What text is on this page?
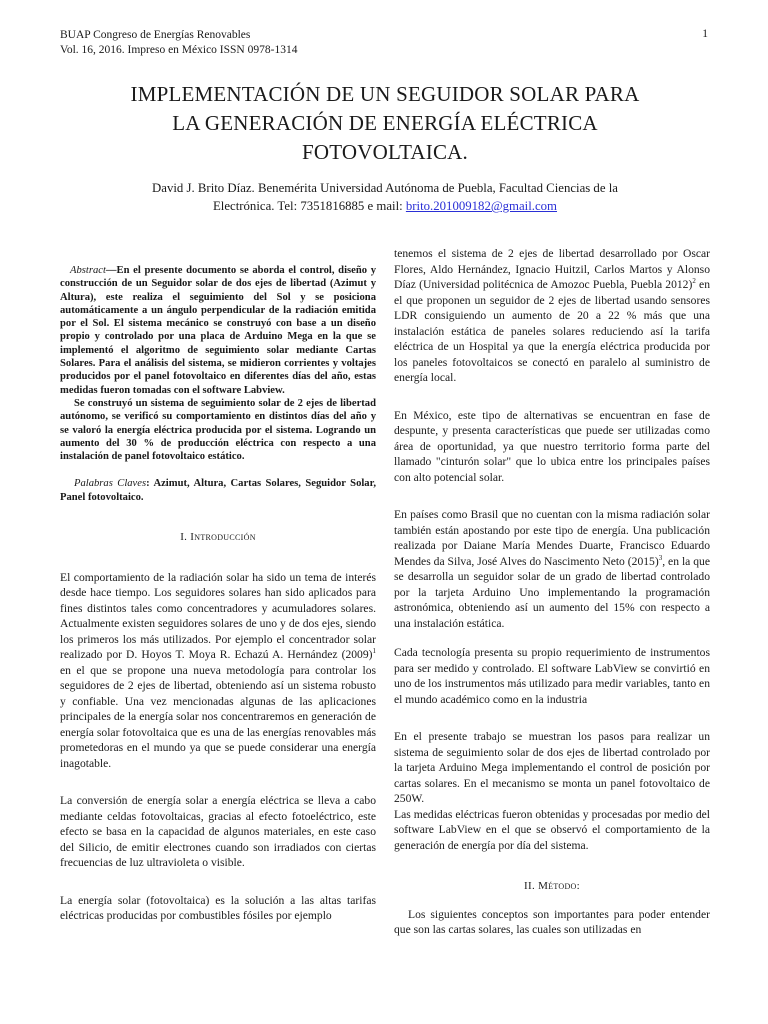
BUAP Congreso de Energías Renovables
Vol. 16, 2016. Impreso en México ISSN 0978-1314
1
IMPLEMENTACIÓN DE UN SEGUIDOR SOLAR PARA
LA GENERACIÓN DE ENERGÍA ELÉCTRICA
FOTOVOLTAICA.
David J. Brito Díaz. Benemérita Universidad Autónoma de Puebla, Facultad Ciencias de la
Electrónica. Tel: 7351816885 e mail: brito.201009182@gmail.com

Abstract—En el presente documento se aborda el control, diseño y construcción de un Seguidor solar de dos ejes de libertad (Azimut y Altura), este realiza el seguimiento del Sol y se posiciona automáticamente a un ángulo perpendicular de la radiación emitida por el Sol. El sistema mecánico se construyó con base a un diseño propio y controlado por una placa de Arduino Mega en la que se implementó el algoritmo de seguimiento solar mediante Cartas Solares. Para el análisis del sistema, se midieron corrientes y voltajes producidos por el panel fotovoltaico en diferentes días del año, estas medidas fueron tomadas con el software Labview.
Se construyó un sistema de seguimiento solar de 2 ejes de libertad autónomo, se verificó su comportamiento en distintos días del año y se valoró la energía eléctrica producida por el sistema. Logrando un aumento del 30 % de producción eléctrica con respecto a una instalación de panel fotovoltaico estático.

Palabras Claves: Azimut, Altura, Cartas Solares, Seguidor Solar, Panel fotovoltaico.

I. Introducción

El comportamiento de la radiación solar ha sido un tema de interés desde hace tiempo. Los seguidores solares han sido aplicados para fines distintos tales como concentradores y acumuladores solares. Actualmente existen seguidores solares de uno y de dos ejes, siendo los primeros los más utilizados. Por ejemplo el concentrador solar realizado por D. Hoyos T. Moya R. Echazú A. Hernández $(2009)^1$ en el que se propone una nueva metodología para controlar los seguidores de 2 ejes de libertad, obteniendo así un sistema robusto y confiable. Una vez mencionadas algunas de las aplicaciones principales de la energía solar nos concentraremos en generación de energía solar fotovoltaica que es una de las energías renovables más prometedoras en el mundo ya que se puede considerar una energía inagotable.

La conversión de energía solar a energía eléctrica se lleva a cabo mediante celdas fotovoltaicas, gracias al efecto fotoeléctrico, este efecto se basa en la capacidad de algunos materiales, en este caso del Silicio, de emitir electrones cuando son irradiados con ciertas frecuencias de luz ultravioleta o visible.

La energía solar (fotovoltaica) es la solución a las altas tarifas eléctricas producidas por combustibles fósiles por ejemplo

tenemos el sistema de 2 ejes de libertad desarrollado por Oscar Flores, Aldo Hernández, Ignacio Huitzil, Carlos Martos y Alonso Díaz (Universidad politécnica de Amozoc Puebla, Puebla 2012)$^2$ en el que proponen un seguidor de 2 ejes de libertad usando sensores LDR consiguiendo un aumento de 20 a 22 % más que una instalación estática de paneles solares reduciendo así la tarifa eléctrica de un Hospital ya que la energía eléctrica producida por los paneles fotovoltaicos se conectó en paralelo al suministro de energía local.

En México, este tipo de alternativas se encuentran en fase de despunte, y presenta características que puede ser utilizadas como área de oportunidad, ya que nuestro territorio forma parte del llamado "cinturón solar" que lo ubica entre los principales países con alto potencial solar.

En países como Brasil que no cuentan con la misma radiación solar también están apostando por este tipo de energía. Una publicación realizada por Daiane María Mendes Duarte, Francisco Eduardo Mendes da Silva, José Alves do Nascimento Neto $(2015)^3$, en la que se desarrolla un seguidor solar de un grado de libertad controlado por la tarjeta Arduino Uno implementando la programación astronómica, obteniendo así un aumento del 15% con respecto a una instalación estática.

Cada tecnología presenta su propio requerimiento de instrumentos para ser medido y controlado. El software LabView se convirtió en uno de los instrumentos más utilizado para medir variables, tanto en el mundo académico como en la industria

En el presente trabajo se muestran los pasos para realizar un sistema de seguimiento solar de dos ejes de libertad controlado por la tarjeta Arduino Mega implementando el control de posición por cartas solares. En el mecanismo se monta un panel fotovoltaico de 250W.

Las medidas eléctricas fueron obtenidas y procesadas por medio del software LabView en el que se observó el comportamiento de la generación de energía por día del sistema.

II. Método:

Los siguientes conceptos son importantes para poder entender que son las cartas solares, las cuales son utilizadas en
